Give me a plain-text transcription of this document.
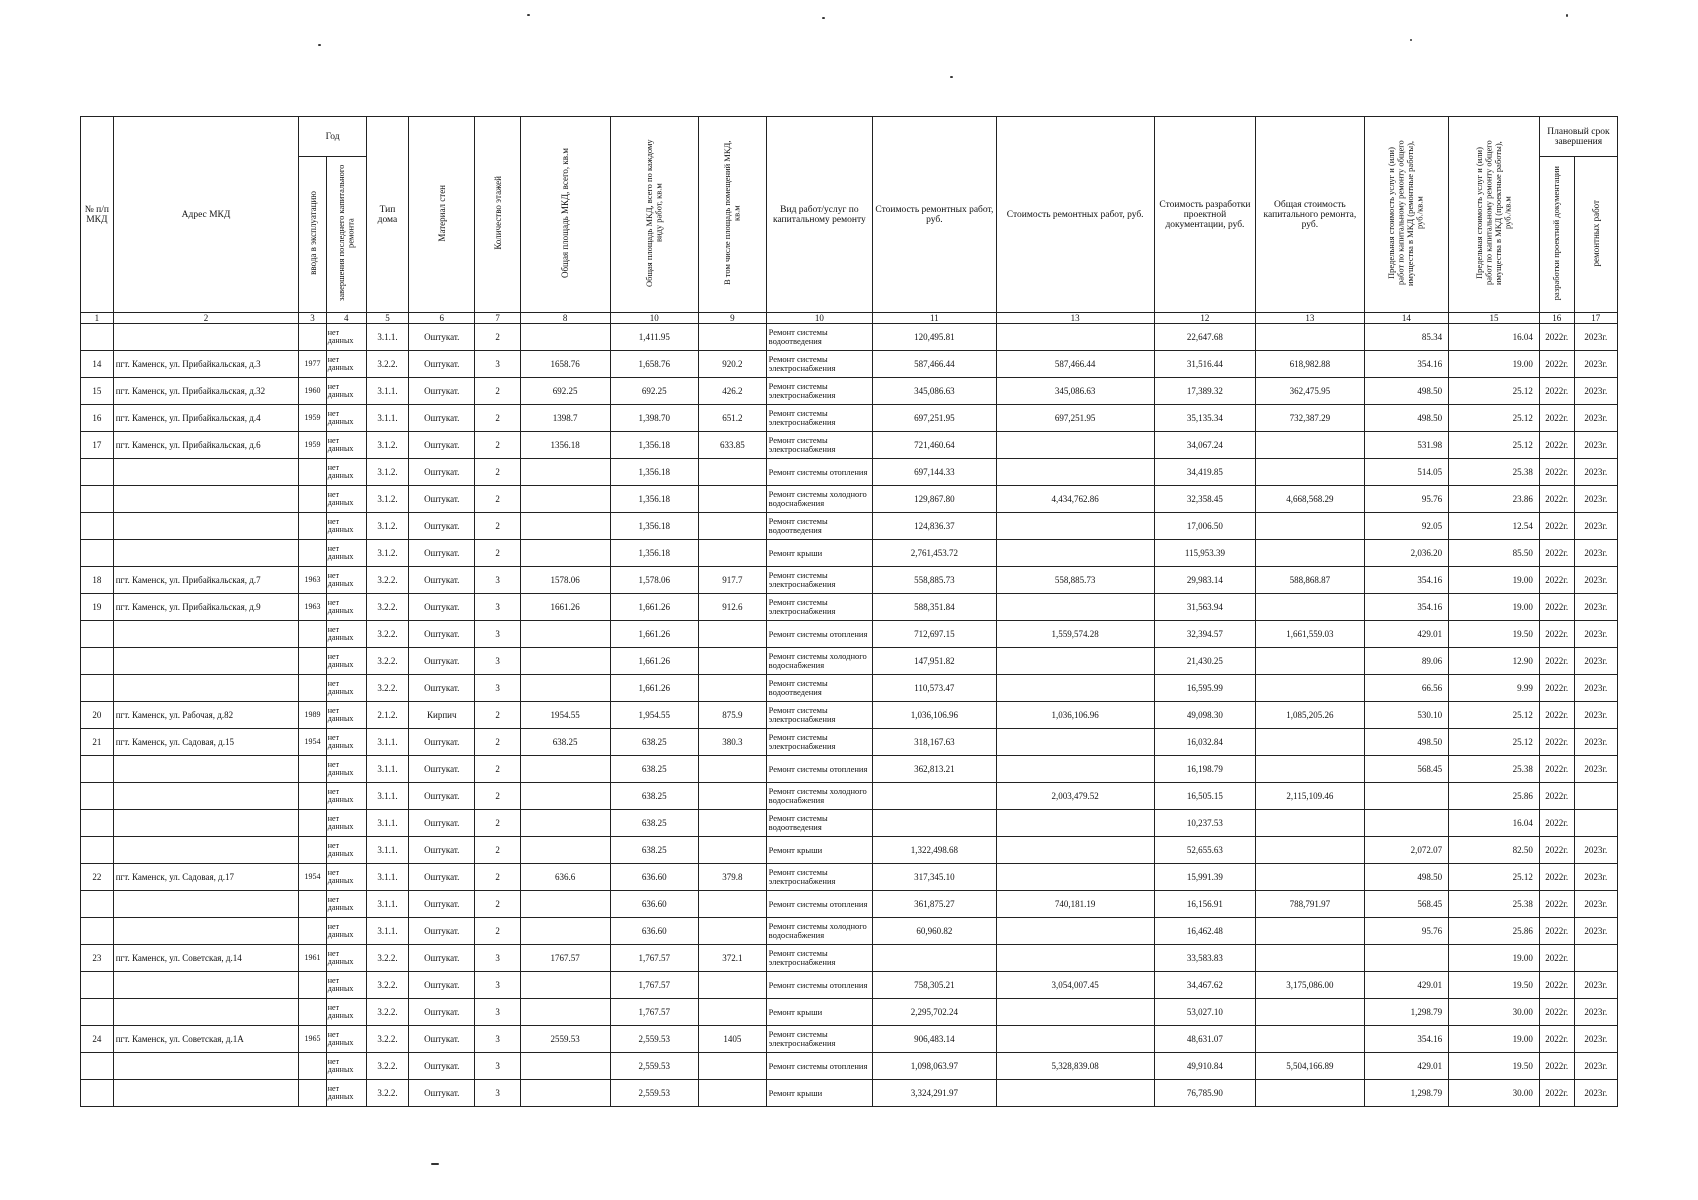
№ п/п МКД	Адрес МКД	Год		Тип дома	Материал стен	Количество этажей	Общая площадь МКД, всего, кв.м	Общая площадь МКД, всего по каждому виду работ, кв.м	В том числе площадь помещений МКД, кв.м	Вид работ/услуг по капитальному ремонту	Стоимость ремонтных работ, руб.	Стоимость ремонтных работ, руб.	Стоимость разработки проектной документации, руб.	Общая стоимость капитального ремонта, руб.	Предельная стоимость услуг и (или) работ по капитальному ремонту общего имущества в МКД (ремонтные работы), руб./кв.м	Предельная стоимость услуг и (или) работ по капитальному ремонту общего имущества в МКД (проектные работы), руб./кв.м	Плановый срок завершения	
		ввода в эксплуатацию	завершения последнего капитального ремонта														разработки проектной документации	ремонтных работ
1	2	3	4	5	6	7	8	10	9	10	11	13	12	13	14	15	16	17
			нет данных	3.1.1.	Оштукат.	2		1,411.95		Ремонт системы водоотведения	120,495.81		22,647.68		85.34	16.04	2022г.	2023г.
14	пгт. Каменск, ул. Прибайкальская, д.3	1977	нет данных	3.2.2.	Оштукат.	3	1658.76	1,658.76	920.2	Ремонт системы электроснабжения	587,466.44	587,466.44	31,516.44	618,982.88	354.16	19.00	2022г.	2023г.
15	пгт. Каменск, ул. Прибайкальская, д.32	1960	нет данных	3.1.1.	Оштукат.	2	692.25	692.25	426.2	Ремонт системы электроснабжения	345,086.63	345,086.63	17,389.32	362,475.95	498.50	25.12	2022г.	2023г.
16	пгт. Каменск, ул. Прибайкальская, д.4	1959	нет данных	3.1.1.	Оштукат.	2	1398.7	1,398.70	651.2	Ремонт системы электроснабжения	697,251.95	697,251.95	35,135.34	732,387.29	498.50	25.12	2022г.	2023г.
17	пгт. Каменск, ул. Прибайкальская, д.6	1959	нет данных	3.1.2.	Оштукат.	2	1356.18	1,356.18	633.85	Ремонт системы электроснабжения	721,460.64		34,067.24		531.98	25.12	2022г.	2023г.
			нет данных	3.1.2.	Оштукат.	2		1,356.18		Ремонт системы отопления	697,144.33		34,419.85		514.05	25.38	2022г.	2023г.
			нет данных	3.1.2.	Оштукат.	2		1,356.18		Ремонт системы холодного водоснабжения	129,867.80	4,434,762.86	32,358.45	4,668,568.29	95.76	23.86	2022г.	2023г.
			нет данных	3.1.2.	Оштукат.	2		1,356.18		Ремонт системы водоотведения	124,836.37		17,006.50		92.05	12.54	2022г.	2023г.
			нет данных	3.1.2.	Оштукат.	2		1,356.18		Ремонт крыши	2,761,453.72		115,953.39		2,036.20	85.50	2022г.	2023г.
18	пгт. Каменск, ул. Прибайкальская, д.7	1963	нет данных	3.2.2.	Оштукат.	3	1578.06	1,578.06	917.7	Ремонт системы электроснабжения	558,885.73	558,885.73	29,983.14	588,868.87	354.16	19.00	2022г.	2023г.
19	пгт. Каменск, ул. Прибайкальская, д.9	1963	нет данных	3.2.2.	Оштукат.	3	1661.26	1,661.26	912.6	Ремонт системы электроснабжения	588,351.84		31,563.94		354.16	19.00	2022г.	2023г.
			нет данных	3.2.2.	Оштукат.	3		1,661.26		Ремонт системы отопления	712,697.15	1,559,574.28	32,394.57	1,661,559.03	429.01	19.50	2022г.	2023г.
			нет данных	3.2.2.	Оштукат.	3		1,661.26		Ремонт системы холодного водоснабжения	147,951.82		21,430.25		89.06	12.90	2022г.	2023г.
			нет данных	3.2.2.	Оштукат.	3		1,661.26		Ремонт системы водоотведения	110,573.47		16,595.99		66.56	9.99	2022г.	2023г.
20	пгт. Каменск, ул. Рабочая, д.82	1989	нет данных	2.1.2.	Кирпич	2	1954.55	1,954.55	875.9	Ремонт системы электроснабжения	1,036,106.96	1,036,106.96	49,098.30	1,085,205.26	530.10	25.12	2022г.	2023г.
21	пгт. Каменск, ул. Садовая, д.15	1954	нет данных	3.1.1.	Оштукат.	2	638.25	638.25	380.3	Ремонт системы электроснабжения	318,167.63		16,032.84		498.50	25.12	2022г.	2023г.
			нет данных	3.1.1.	Оштукат.	2		638.25		Ремонт системы отопления	362,813.21		16,198.79		568.45	25.38	2022г.	2023г.
			нет данных	3.1.1.	Оштукат.	2		638.25		Ремонт системы холодного водоснабжения		2,003,479.52	16,505.15	2,115,109.46		25.86	2022г.	
			нет данных	3.1.1.	Оштукат.	2		638.25		Ремонт системы водоотведения			10,237.53			16.04	2022г.	
			нет данных	3.1.1.	Оштукат.	2		638.25		Ремонт крыши	1,322,498.68		52,655.63		2,072.07	82.50	2022г.	2023г.
22	пгт. Каменск, ул. Садовая, д.17	1954	нет данных	3.1.1.	Оштукат.	2	636.6	636.60	379.8	Ремонт системы электроснабжения	317,345.10		15,991.39		498.50	25.12	2022г.	2023г.
			нет данных	3.1.1.	Оштукат.	2		636.60		Ремонт системы отопления	361,875.27	740,181.19	16,156.91	788,791.97	568.45	25.38	2022г.	2023г.
			нет данных	3.1.1.	Оштукат.	2		636.60		Ремонт системы холодного водоснабжения	60,960.82		16,462.48		95.76	25.86	2022г.	2023г.
23	пгт. Каменск, ул. Советская, д.14	1961	нет данных	3.2.2.	Оштукат.	3	1767.57	1,767.57	372.1	Ремонт системы электроснабжения			33,583.83			19.00	2022г.	
			нет данных	3.2.2.	Оштукат.	3		1,767.57		Ремонт системы отопления	758,305.21	3,054,007.45	34,467.62	3,175,086.00	429.01	19.50	2022г.	2023г.
			нет данных	3.2.2.	Оштукат.	3		1,767.57		Ремонт крыши	2,295,702.24		53,027.10		1,298.79	30.00	2022г.	2023г.
24	пгт. Каменск, ул. Советская, д.1А	1965	нет данных	3.2.2.	Оштукат.	3	2559.53	2,559.53	1405	Ремонт системы электроснабжения	906,483.14		48,631.07		354.16	19.00	2022г.	2023г.
			нет данных	3.2.2.	Оштукат.	3		2,559.53		Ремонт системы отопления	1,098,063.97	5,328,839.08	49,910.84	5,504,166.89	429.01	19.50	2022г.	2023г.
			нет данных	3.2.2.	Оштукат.	3		2,559.53		Ремонт крыши	3,324,291.97		76,785.90		1,298.79	30.00	2022г.	2023г.
